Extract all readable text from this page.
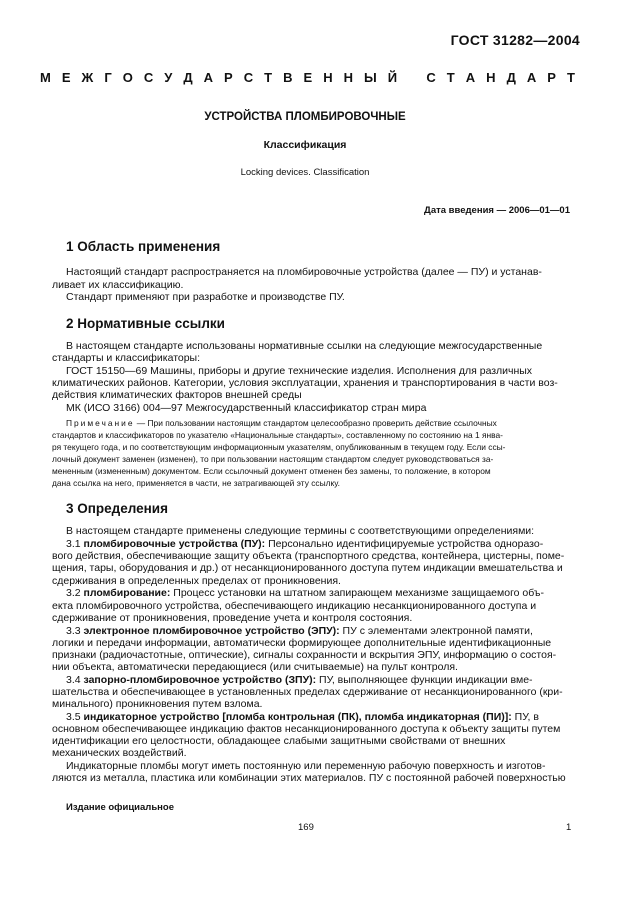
ГОСТ 31282—2004
М Е Ж Г О С У Д А Р С Т В Е Н Н Ы Й
С Т А Н Д А Р Т
УСТРОЙСТВА ПЛОМБИРОВОЧНЫЕ
Классификация
Locking devices. Classification
Дата введения — 2006—01—01
1 Область применения
Настоящий стандарт распространяется на пломбировочные устройства (далее — ПУ) и устанав-
ливает их классификацию.
Стандарт применяют при разработке и производстве ПУ.
2 Нормативные ссылки
В настоящем стандарте использованы нормативные ссылки на следующие межгосударственные
стандарты и классификаторы:
ГОСТ 15150—69 Машины, приборы и другие технические изделия. Исполнения для различных
климатических районов. Категории, условия эксплуатации, хранения и транспортирования в части воз-
действия климатических факторов внешней среды
МК (ИСО 3166) 004—97 Межгосударственный классификатор стран мира
Примечание — При пользовании настоящим стандартом целесообразно проверить действие ссылочных
стандартов и классификаторов по указателю «Национальные стандарты», составленному по состоянию на 1 янва-
ря текущего года, и по соответствующим информационным указателям, опубликованным в текущем году. Если ссы-
лочный документ заменен (изменен), то при пользовании настоящим стандартом следует руководствоваться за-
мененным (измененным) документом. Если ссылочный документ отменен без замены, то положение, в котором
дана ссылка на него, применяется в части, не затрагивающей эту ссылку.
3 Определения
В настоящем стандарте применены следующие термины с соответствующими определениями:
3.1 пломбировочные устройства (ПУ): Персонально идентифицируемые устройства одноразо-
вого действия, обеспечивающие защиту объекта (транспортного средства, контейнера, цистерны, поме-
щения, тары, оборудования и др.) от несанкционированного доступа путем индикации вмешательства и
сдерживания в определенных пределах от проникновения.
3.2 пломбирование: Процесс установки на штатном запирающем механизме защищаемого объ-
екта пломбировочного устройства, обеспечивающего индикацию несанкционированного доступа и
сдерживание от проникновения, проведение учета и контроля состояния.
3.3 электронное пломбировочное устройство (ЭПУ): ПУ с элементами электронной памяти,
логики и передачи информации, автоматически формирующее дополнительные идентификационные
признаки (радиочастотные, оптические), сигналы сохранности и вскрытия ЭПУ, информацию о состоя-
нии объекта, автоматически передающиеся (или считываемые) на пульт контроля.
3.4 запорно-пломбировочное устройство (ЗПУ): ПУ, выполняющее функции индикации вме-
шательства и обеспечивающее в установленных пределах сдерживание от несанкционированного (кри-
минального) проникновения путем взлома.
3.5 индикаторное устройство [пломба контрольная (ПК), пломба индикаторная (ПИ)]: ПУ, в
основном обеспечивающее индикацию фактов несанкционированного доступа к объекту защиты путем
идентификации его целостности, обладающее слабыми защитными свойствами от внешних
механических воздействий.
Индикаторные пломбы могут иметь постоянную или переменную рабочую поверхность и изготов-
ляются из металла, пластика или комбинации этих материалов. ПУ с постоянной рабочей поверхностью
Издание официальное
169	1
